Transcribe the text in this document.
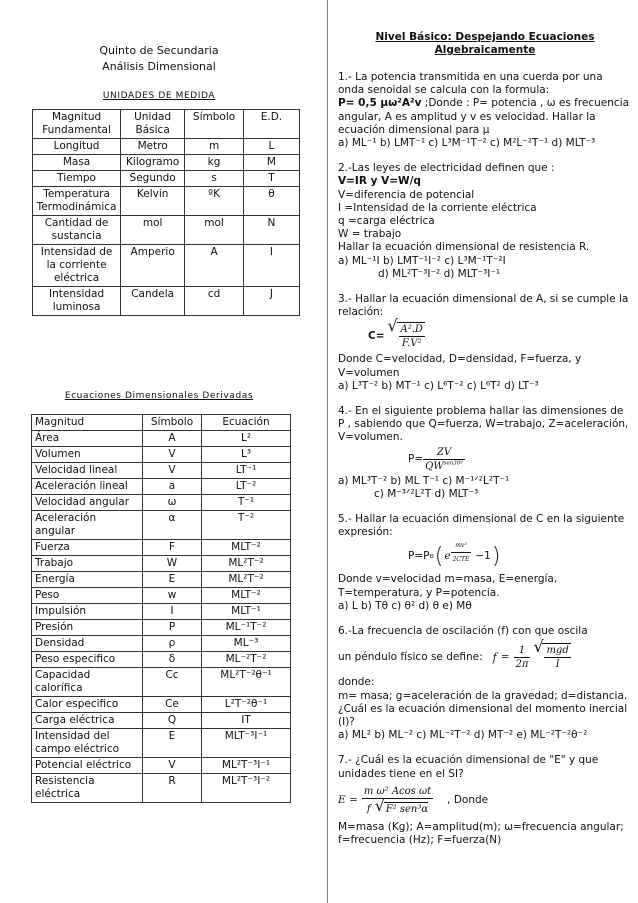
Quinto de Secundaria
Análisis Dimensional
UNIDADES DE MEDIDA
Magnitud Fundamental	Unidad Básica	Símbolo	E.D.
Longitud	Metro	m	L
Masa	Kilogramo	kg	M
Tiempo	Segundo	s	T
Temperatura Termodinámica	Kelvin	ºK	θ
Cantidad de sustancia	mol	mol	N
Intensidad de la corriente eléctrica	Amperio	A	I
Intensidad luminosa	Candela	cd	J
Ecuaciones Dimensionales Derivadas
Magnitud	Símbolo	Ecuación
Área	A	L²
Volumen	V	L³
Velocidad lineal	V	LT⁻¹
Aceleración lineal	a	LT⁻²
Velocidad angular	ω	T⁻¹
Aceleración angular	α	T⁻²
Fuerza	F	MLT⁻²
Trabajo	W	ML²T⁻²
Energía	E	ML²T⁻²
Peso	w	MLT⁻²
Impulsión	I	MLT⁻¹
Presión	P	ML⁻¹T⁻²
Densidad	ρ	ML⁻³
Peso especifico	δ	ML⁻²T⁻²
Capacidad calorífica	Cc	ML²T⁻²θ⁻¹
Calor especifico	Ce	L²T⁻²θ⁻¹
Carga eléctrica	Q	IT
Intensidad del campo eléctrico	E	MLT⁻³I⁻¹
Potencial eléctrico	V	ML²T⁻³I⁻¹
Resistencia eléctrica	R	ML²T⁻³I⁻²
Nivel Básico: Despejando Ecuaciones Algebraicamente

1.- La potencia transmitida en una cuerda por una onda senoidal se calcula con la formula:

P= 0,5 μω²A²v ;Donde : P= potencia , ω es frecuencia angular, A es amplitud y v es velocidad. Hallar la ecuación dimensional para μ

a) ML⁻¹ b) LMT⁻¹ c) L³M⁻¹T⁻² c) M²L⁻²T⁻¹ d) MLT⁻³

2.-Las leyes de electricidad definen que :

V=IR y V=W/q

V=diferencia de potencial

I =Intensidad de la corriente eléctrica

q =carga eléctrica

W = trabajo

Hallar la ecuación dimensional de resistencia R.

a) ML⁻¹I b) LMT⁻¹I⁻² c) L³M⁻¹T⁻²I

d) ML²T⁻³I⁻² d) MLT⁻³I⁻¹

3.- Hallar la ecuación dimensional de A, si se cumple la relación:

C= √ $\frac{\text{A².D}}{\text{F.V²}}$

Donde C=velocidad, D=densidad, F=fuerza, y V=volumen

a) L³T⁻² b) MT⁻¹ c) L⁶T⁻² c) L⁶T² d) LT⁻³

4.- En el siguiente problema hallar las dimensiones de P , sabiendo que Q=fuerza, W=trabajo, Z=aceleración, V=volumen.

$P= \frac{ZV}{QW^{sen30º}}$

a) ML³T⁻² b) ML T⁻¹ c) M⁻¹ᐟ²L²T⁻¹

c) M⁻³ᐟ²L²T d) MLT⁻³

5.- Hallar la ecuación dimensional de C en la siguiente expresión:

P=P o ( e $\frac{\text{mv²}}{\text{2CTE}} -1$ )

Donde v=velocidad m=masa, E=energía, T=temperatura, y P=potencia.

a) L b) Tθ c) θ² d) θ e) Mθ

6.-La frecuencia de oscilación (f) con que oscila

un péndulo físico se define: $f = \frac{1}{2\pi}$ √ $\frac{\text{mgd}}{I}$

donde:

m= masa; g=aceleración de la gravedad; d=distancia. ¿Cuál es la ecuación dimensional del momento inercial (I)?

a) ML² b) ML⁻² c) ML⁻²T⁻² d) MT⁻² e) ML⁻²T⁻²θ⁻²

7.- ¿Cuál es la ecuación dimensional de "E" y que unidades tiene en el SI?

$E = \frac{\text{m ω² Acos ωt}}{\text{f √ F² sen³α}}$ , Donde

M=masa (Kg); A=amplitud(m); ω=frecuencia angular; f=frecuencia (Hz); F=fuerza(N)
